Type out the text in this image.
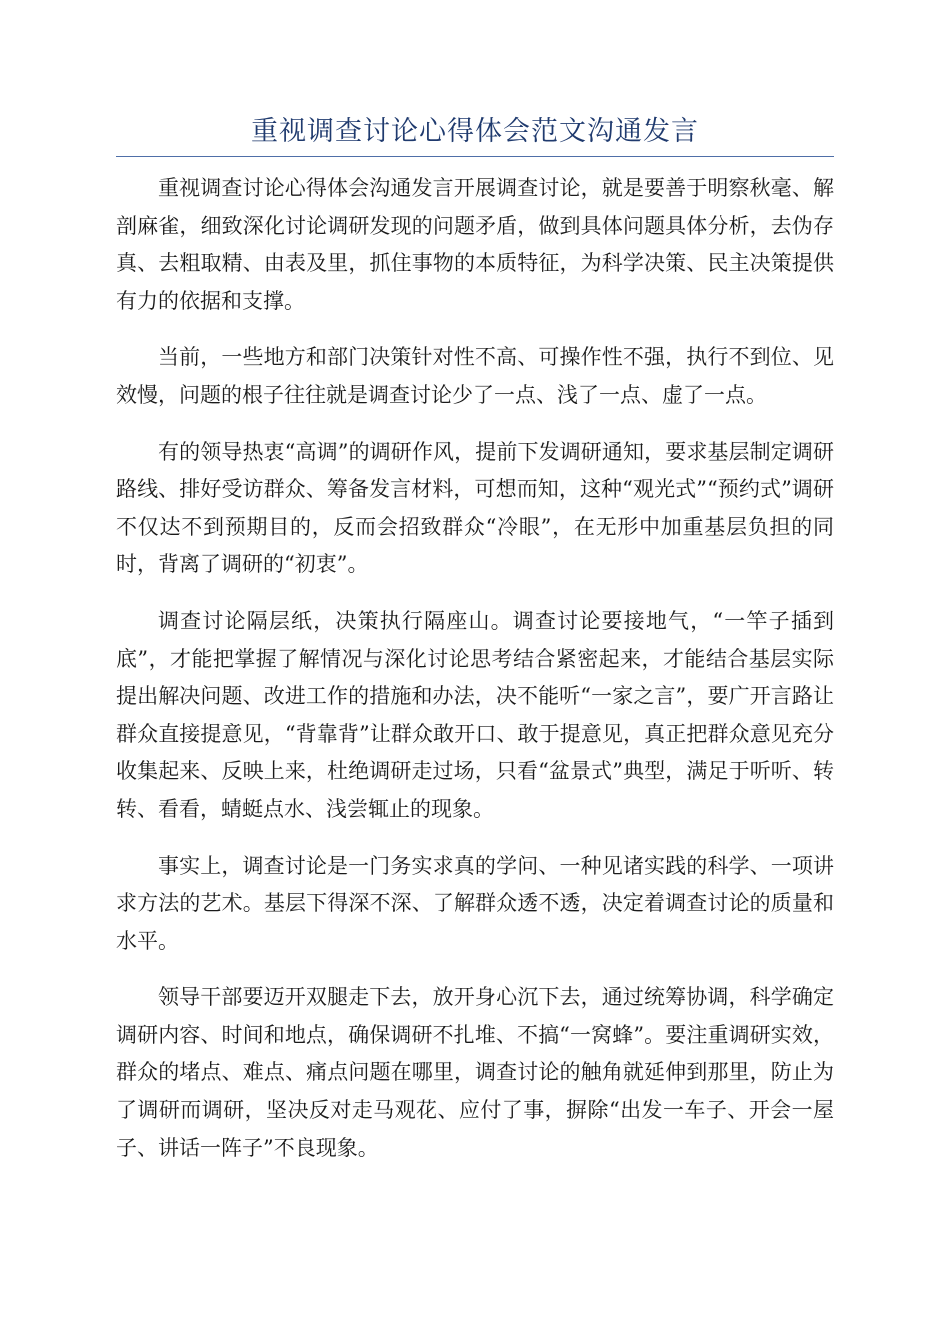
重视调查讨论心得体会范文沟通发言

重视调查讨论心得体会沟通发言开展调查讨论，就是要善于明察秋毫、解剖麻雀，细致深化讨论调研发现的问题矛盾，做到具体问题具体分析，去伪存真、去粗取精、由表及里，抓住事物的本质特征，为科学决策、民主决策提供有力的依据和支撑。

当前，一些地方和部门决策针对性不高、可操作性不强，执行不到位、见效慢，问题的根子往往就是调查讨论少了一点、浅了一点、虚了一点。

有的领导热衷“高调”的调研作风，提前下发调研通知，要求基层制定调研路线、排好受访群众、筹备发言材料，可想而知，这种“观光式”“预约式”调研不仅达不到预期目的，反而会招致群众“冷眼”，在无形中加重基层负担的同时，背离了调研的“初衷”。

调查讨论隔层纸，决策执行隔座山。调查讨论要接地气，“一竿子插到底”，才能把掌握了解情况与深化讨论思考结合紧密起来，才能结合基层实际提出解决问题、改进工作的措施和办法，决不能听“一家之言”，要广开言路让群众直接提意见，“背靠背”让群众敢开口、敢于提意见，真正把群众意见充分收集起来、反映上来，杜绝调研走过场，只看“盆景式”典型，满足于听听、转转、看看，蜻蜓点水、浅尝辄止的现象。

事实上，调查讨论是一门务实求真的学问、一种见诸实践的科学、一项讲求方法的艺术。基层下得深不深、了解群众透不透，决定着调查讨论的质量和水平。

领导干部要迈开双腿走下去，放开身心沉下去，通过统筹协调，科学确定调研内容、时间和地点，确保调研不扎堆、不搞“一窝蜂”。要注重调研实效，群众的堵点、难点、痛点问题在哪里，调查讨论的触角就延伸到那里，防止为了调研而调研，坚决反对走马观花、应付了事，摒除“出发一车子、开会一屋子、讲话一阵子”不良现象。
